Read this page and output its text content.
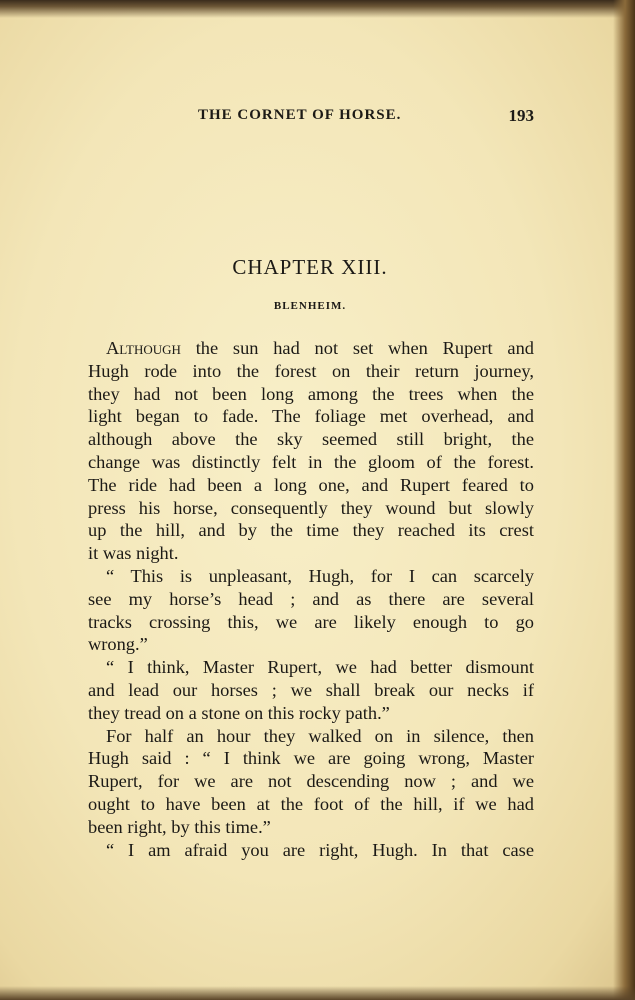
THE CORNET OF HORSE.	193
CHAPTER XIII.
BLENHEIM.
Although the sun had not set when Rupert and
Hugh rode into the forest on their return journey,
they had not been long among the trees when the
light began to fade. The foliage met overhead, and
although above the sky seemed still bright, the
change was distinctly felt in the gloom of the forest.
The ride had been a long one, and Rupert feared to
press his horse, consequently they wound but slowly
up the hill, and by the time they reached its crest
it was night.
“ This is unpleasant, Hugh, for I can scarcely
see my horse’s head ; and as there are several
tracks crossing this, we are likely enough to go
wrong.”
“ I think, Master Rupert, we had better dismount
and lead our horses ; we shall break our necks if
they tread on a stone on this rocky path.”
For half an hour they walked on in silence, then
Hugh said : “ I think we are going wrong, Master
Rupert, for we are not descending now ; and we
ought to have been at the foot of the hill, if we had
been right, by this time.”
“ I am afraid you are right, Hugh. In that case
